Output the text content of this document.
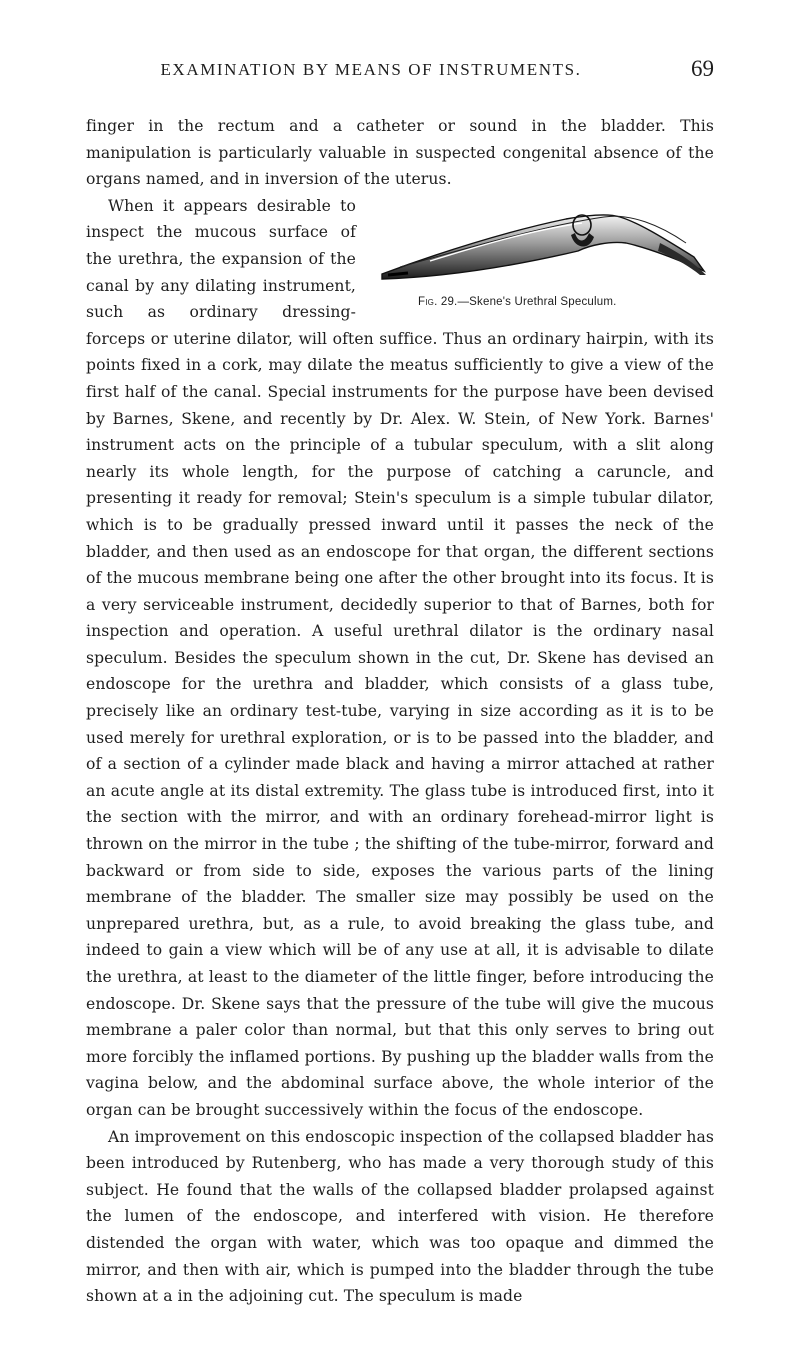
EXAMINATION BY MEANS OF INSTRUMENTS.	69

finger in the rectum and a catheter or sound in the bladder. This manipulation is particularly valuable in suspected congenital absence of the organs named, and in inversion of the uterus.

Fig. 29.—Skene's Urethral Speculum.
When it appears desirable to inspect the mucous surface of the urethra, the expansion of the canal by any dilating instrument, such as ordinary dressing-forceps or uterine dilator, will often suffice. Thus an ordinary hairpin, with its points fixed in a cork, may dilate the meatus sufficiently to give a view of the first half of the canal. Special instruments for the purpose have been devised by Barnes, Skene, and recently by Dr. Alex. W. Stein, of New York. Barnes' instrument acts on the principle of a tubular speculum, with a slit along nearly its whole length, for the purpose of catching a caruncle, and presenting it ready for removal; Stein's speculum is a simple tubular dilator, which is to be gradually pressed inward until it passes the neck of the bladder, and then used as an endoscope for that organ, the different sections of the mucous membrane being one after the other brought into its focus. It is a very serviceable instrument, decidedly superior to that of Barnes, both for inspection and operation. A useful urethral dilator is the ordinary nasal speculum. Besides the speculum shown in the cut, Dr. Skene has devised an endoscope for the urethra and bladder, which consists of a glass tube, precisely like an ordinary test-tube, varying in size according as it is to be used merely for urethral exploration, or is to be passed into the bladder, and of a section of a cylinder made black and having a mirror attached at rather an acute angle at its distal extremity. The glass tube is introduced first, into it the section with the mirror, and with an ordinary forehead-mirror light is thrown on the mirror in the tube ; the shifting of the tube-mirror, forward and backward or from side to side, exposes the various parts of the lining membrane of the bladder. The smaller size may possibly be used on the unprepared urethra, but, as a rule, to avoid breaking the glass tube, and indeed to gain a view which will be of any use at all, it is advisable to dilate the urethra, at least to the diameter of the little finger, before introducing the endoscope. Dr. Skene says that the pressure of the tube will give the mucous membrane a paler color than normal, but that this only serves to bring out more forcibly the inflamed portions. By pushing up the bladder walls from the vagina below, and the abdominal surface above, the whole interior of the organ can be brought successively within the focus of the endoscope.

An improvement on this endoscopic inspection of the collapsed bladder has been introduced by Rutenberg, who has made a very thorough study of this subject. He found that the walls of the collapsed bladder prolapsed against the lumen of the endoscope, and interfered with vision. He therefore distended the organ with water, which was too opaque and dimmed the mirror, and then with air, which is pumped into the bladder through the tube shown at a in the adjoining cut. The speculum is made
